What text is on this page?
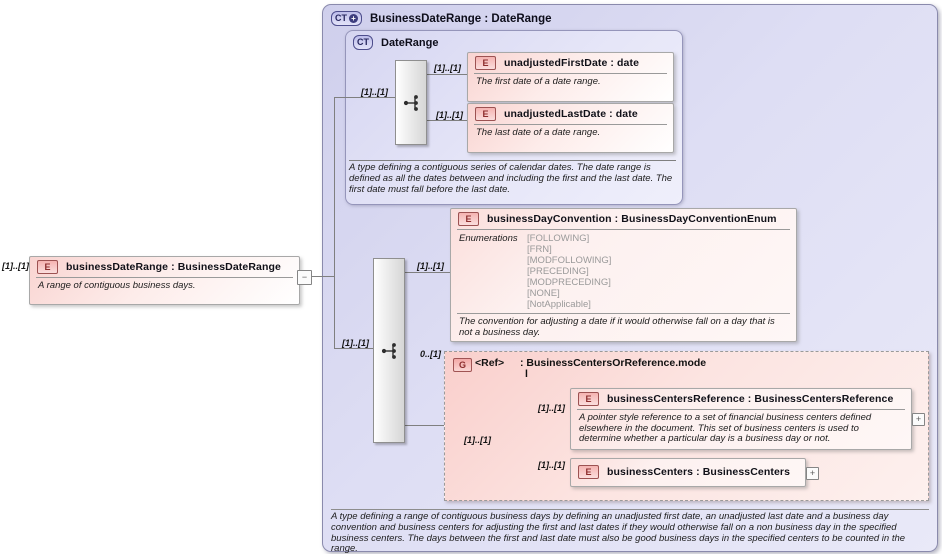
CT + BusinessDateRange : DateRange
CT DateRange
A type defining a contiguous series of calendar dates. The date range is defined as all the dates between and including the first and the last date. The first date must fall before the last date.
[1]..[1]	E	businessDateRange : BusinessDateRange
A range of contiguous business days.
−
[1]..[1]
[1]..[1]
E	unadjustedFirstDate : date
The first date of a date range.
[1]..[1]	E	unadjustedLastDate : date
The last date of a date range.
[1]..[1]
[1]..[1]
E	businessDayConvention : BusinessDayConventionEnum
Enumerations [FOLLOWING]
[FRN]
[MODFOLLOWING]
[PRECEDING]
[MODPRECEDING]
[NONE]
[NotApplicable]
The convention for adjusting a date if it would otherwise fall on a day that is not a business day.
0..[1]
G <Ref> : BusinessCentersOrReference.mode
l
[1]..[1]
[1]..[1]
E	businessCentersReference : BusinessCentersReference
A pointer style reference to a set of financial business centers defined elsewhere in the document. This set of business centers is used to determine whether a particular day is a business day or not.
+
[1]..[1]
E	businessCenters : BusinessCenters	+
A type defining a range of contiguous business days by defining an unadjusted first date, an unadjusted last date and a business day convention and business centers for adjusting the first and last dates if they would otherwise fall on a non business day in the specified business centers. The days between the first and last date must also be good business days in the specified centers to be counted in the range.
